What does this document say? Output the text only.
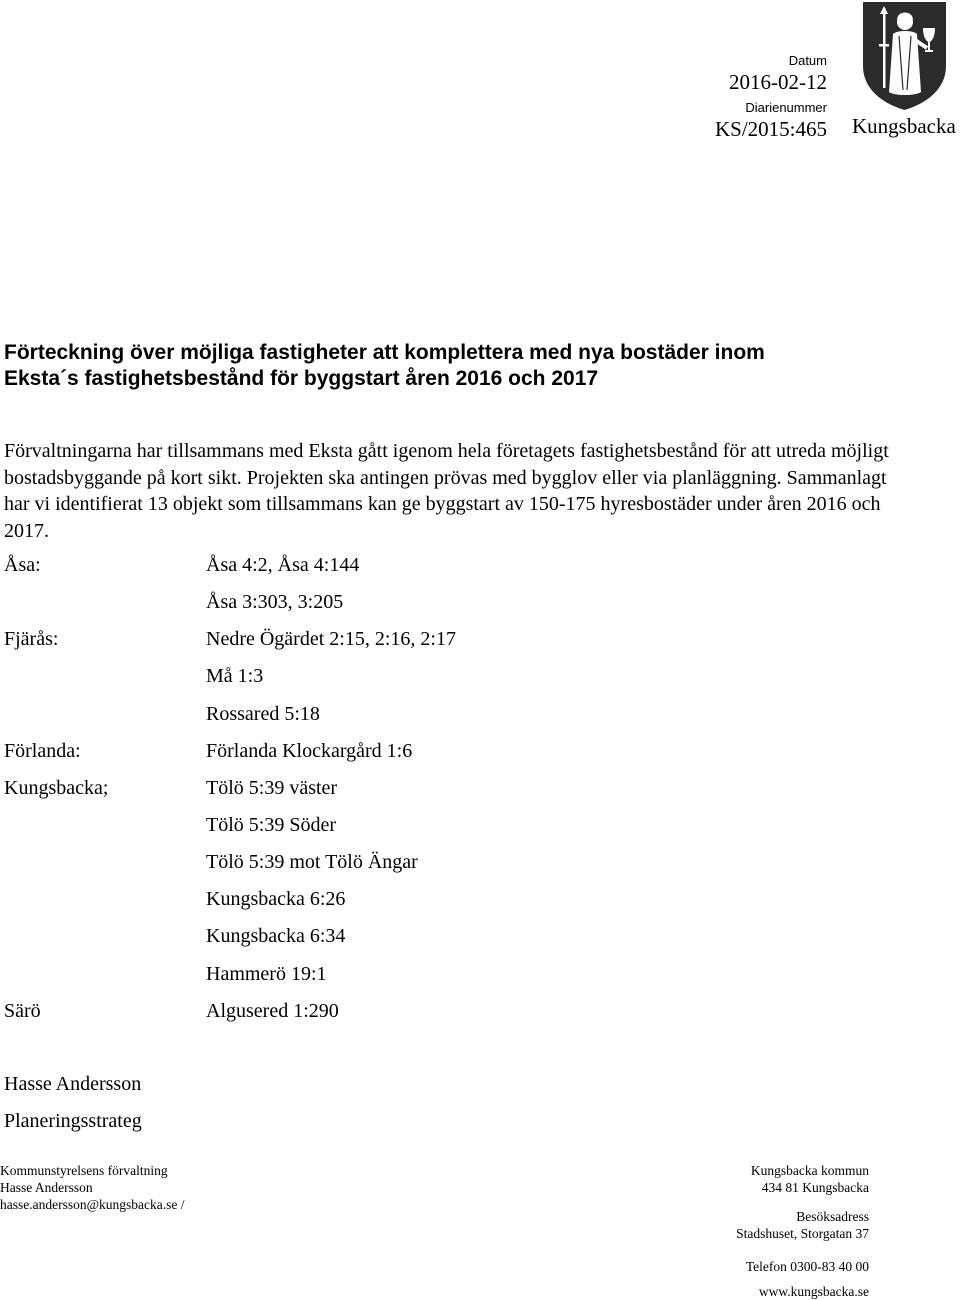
Datum
2016-02-12
Diarienummer
KS/2015:465 Kungsbacka
Förteckning över möjliga fastigheter att komplettera med nya bostäder inom
Eksta´s fastighetsbestånd för byggstart åren 2016 och 2017

Förvaltningarna har tillsammans med Eksta gått igenom hela företagets fastighetsbestånd för att utreda möjligt bostadsbyggande på kort sikt. Projekten ska antingen prövas med bygglov eller via planläggning. Sammanlagt har vi identifierat 13 objekt som tillsammans kan ge byggstart av 150-175 hyresbostäder under åren 2016 och 2017.

Åsa:	Åsa 4:2, Åsa 4:144
Åsa 3:303, 3:205
Fjärås:	Nedre Ögärdet 2:15, 2:16, 2:17
Må 1:3
Rossared 5:18
Förlanda:	Förlanda Klockargård 1:6
Kungsbacka;	Tölö 5:39 väster
Tölö 5:39 Söder
Tölö 5:39 mot Tölö Ängar
Kungsbacka 6:26
Kungsbacka 6:34
Hammerö 19:1
Särö	Algusered 1:290
Hasse Andersson
Planeringsstrateg
Kommunstyrelsens förvaltning
Hasse Andersson
hasse.andersson@kungsbacka.se /
Kungsbacka kommun
434 81 Kungsbacka
Besöksadress
Stadshuset, Storgatan 37
Telefon 0300-83 40 00
www.kungsbacka.se
